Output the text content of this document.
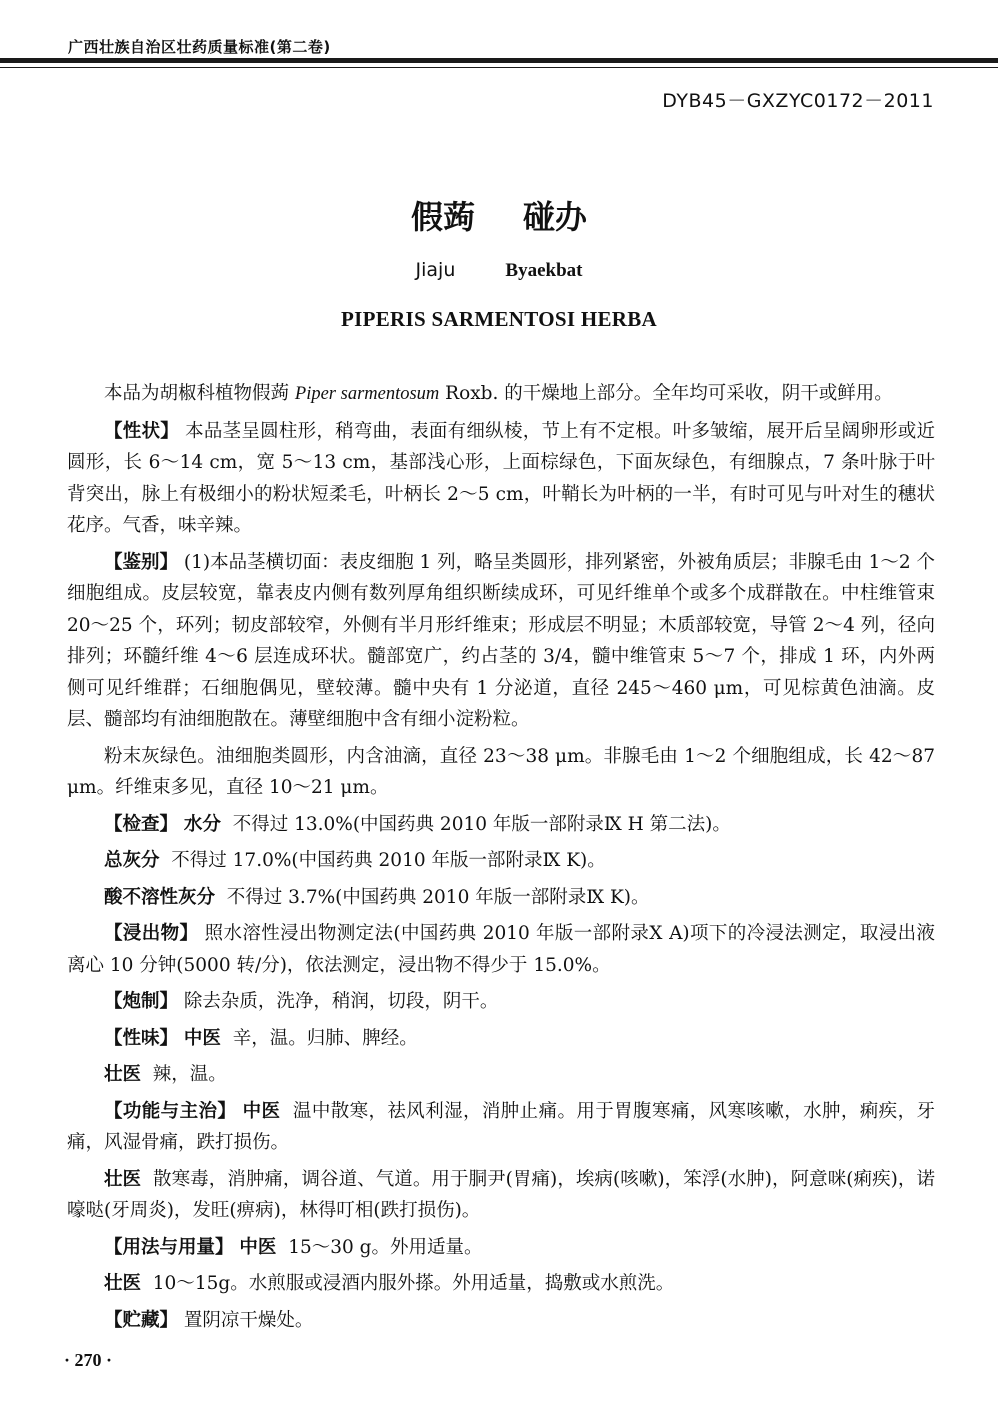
广西壮族自治区壮药质量标准(第二卷)
DYB45－GXZYC0172－2011
假蒟 碰办
Jiaju	Byaekbat
PIPERIS SARMENTOSI HERBA

本品为胡椒科植物假蒟 Piper sarmentosum Roxb. 的干燥地上部分。全年均可采收，阴干或鲜用。

【性状】 本品茎呈圆柱形，稍弯曲，表面有细纵棱，节上有不定根。叶多皱缩，展开后呈阔卵形或近圆形，长 6～14 cm，宽 5～13 cm，基部浅心形，上面棕绿色，下面灰绿色，有细腺点，7 条叶脉于叶背突出，脉上有极细小的粉状短柔毛，叶柄长 2～5 cm，叶鞘长为叶柄的一半，有时可见与叶对生的穗状花序。气香，味辛辣。

【鉴别】 (1)本品茎横切面：表皮细胞 1 列，略呈类圆形，排列紧密，外被角质层；非腺毛由 1～2 个细胞组成。皮层较宽，靠表皮内侧有数列厚角组织断续成环，可见纤维单个或多个成群散在。中柱维管束 20～25 个，环列；韧皮部较窄，外侧有半月形纤维束；形成层不明显；木质部较宽，导管 2～4 列，径向排列；环髓纤维 4～6 层连成环状。髓部宽广，约占茎的 3/4，髓中维管束 5～7 个，排成 1 环，内外两侧可见纤维群；石细胞偶见，壁较薄。髓中央有 1 分泌道，直径 245～460 μm，可见棕黄色油滴。皮层、髓部均有油细胞散在。薄壁细胞中含有细小淀粉粒。

粉末灰绿色。油细胞类圆形，内含油滴，直径 23～38 μm。非腺毛由 1～2 个细胞组成，长 42～87 μm。纤维束多见，直径 10～21 μm。

【检查】 水分 不得过 13.0%(中国药典 2010 年版一部附录Ⅸ H 第二法)。

总灰分 不得过 17.0%(中国药典 2010 年版一部附录Ⅸ K)。

酸不溶性灰分 不得过 3.7%(中国药典 2010 年版一部附录Ⅸ K)。

【浸出物】 照水溶性浸出物测定法(中国药典 2010 年版一部附录Ⅹ A)项下的冷浸法测定，取浸出液离心 10 分钟(5000 转/分)，依法测定，浸出物不得少于 15.0%。

【炮制】 除去杂质，洗净，稍润，切段，阴干。

【性味】 中医 辛，温。归肺、脾经。

壮医 辣，温。

【功能与主治】 中医 温中散寒，祛风利湿，消肿止痛。用于胃腹寒痛，风寒咳嗽，水肿，痢疾，牙痛，风湿骨痛，跌打损伤。

壮医 散寒毒，消肿痛，调谷道、气道。用于胴尹(胃痛)，埃病(咳嗽)，笨浮(水肿)，阿意咪(痢疾)，诺嚎哒(牙周炎)，发旺(痹病)，林得叮相(跌打损伤)。

【用法与用量】 中医 15～30 g。外用适量。

壮医 10～15g。水煎服或浸酒内服外搽。外用适量，捣敷或水煎洗。

【贮藏】 置阴凉干燥处。

· 270 ·
